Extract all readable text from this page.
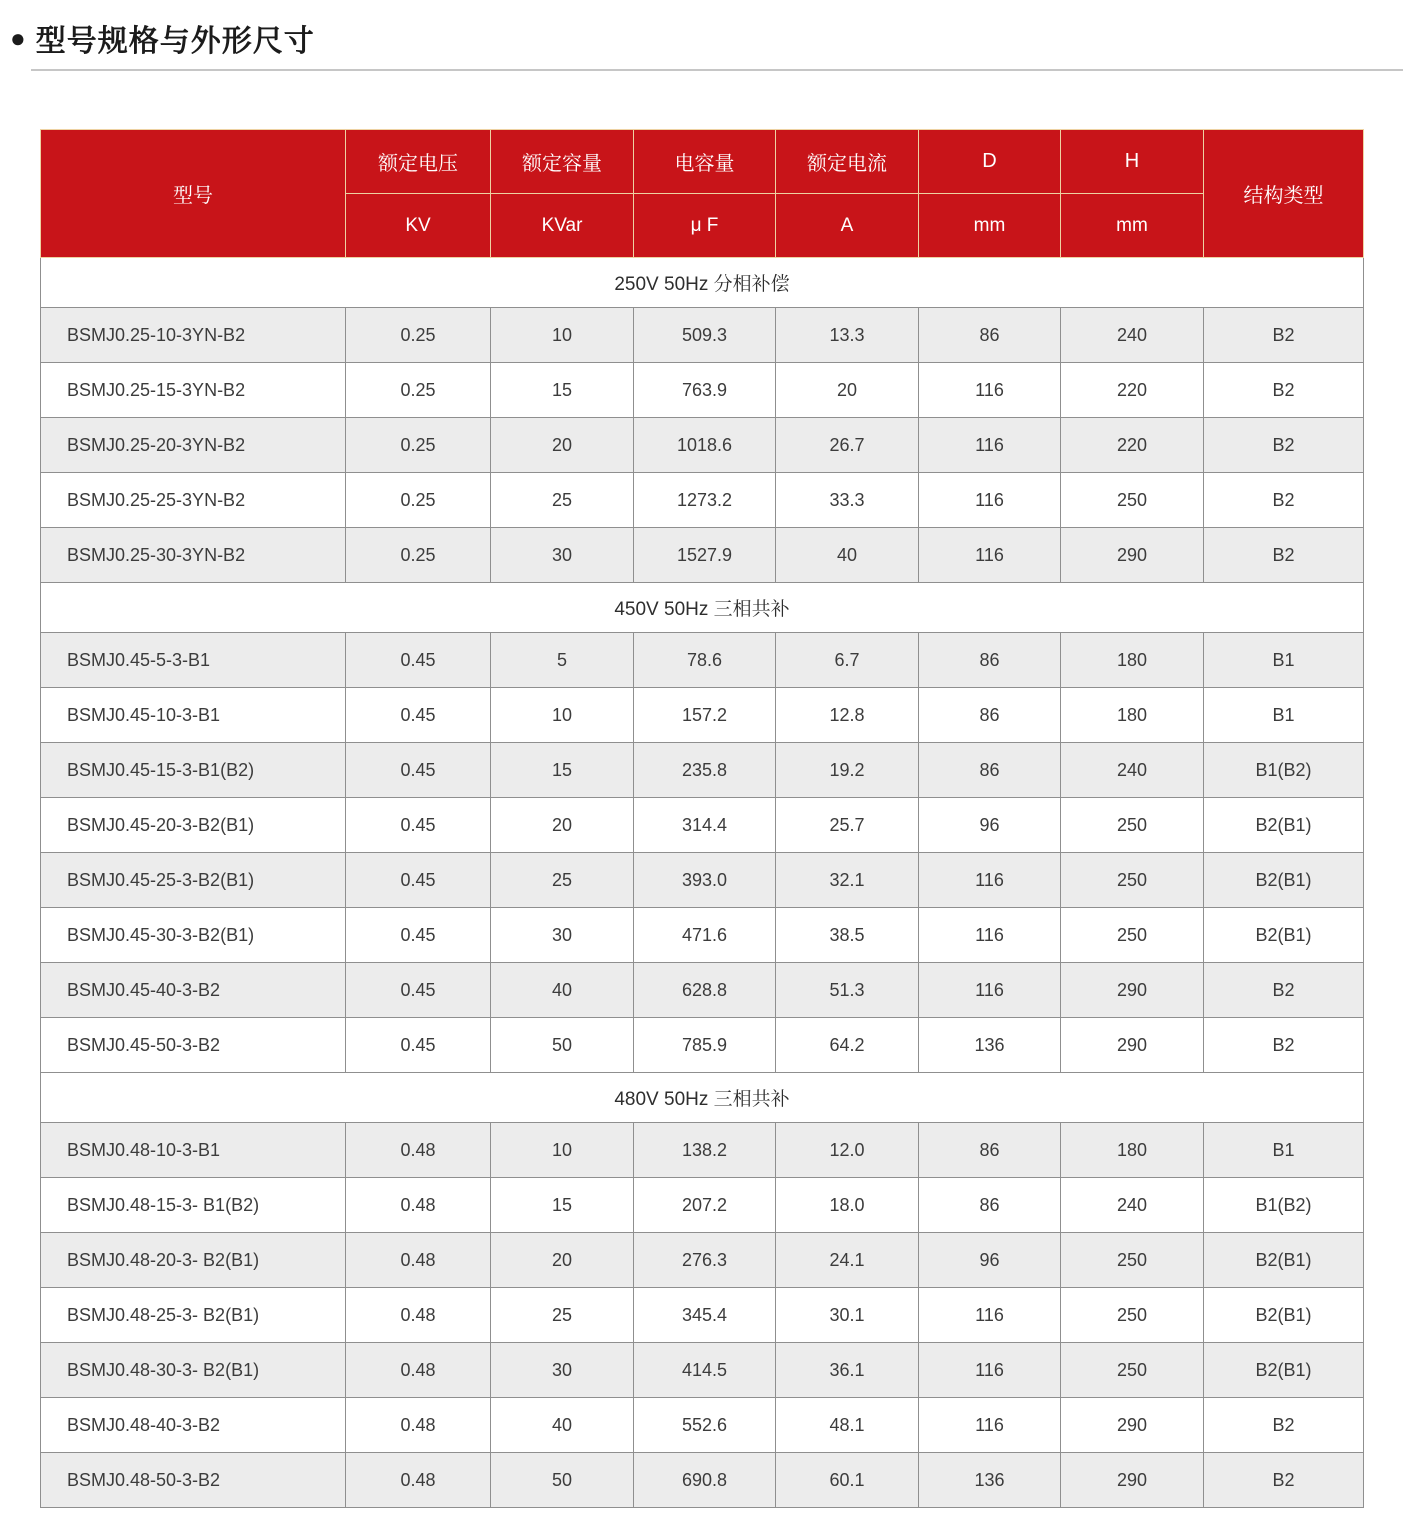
● 型号规格与外形尺寸
型号	额定电压	额定容量	电容量	额定电流	D	H	结构类型
	KV	KVar	μ F	A	mm	mm	
250V 50Hz 分相补偿							
BSMJ0.25-10-3YN-B2	0.25	10	509.3	13.3	86	240	B2
BSMJ0.25-15-3YN-B2	0.25	15	763.9	20	116	220	B2
BSMJ0.25-20-3YN-B2	0.25	20	1018.6	26.7	116	220	B2
BSMJ0.25-25-3YN-B2	0.25	25	1273.2	33.3	116	250	B2
BSMJ0.25-30-3YN-B2	0.25	30	1527.9	40	116	290	B2
450V 50Hz 三相共补							
BSMJ0.45-5-3-B1	0.45	5	78.6	6.7	86	180	B1
BSMJ0.45-10-3-B1	0.45	10	157.2	12.8	86	180	B1
BSMJ0.45-15-3-B1(B2)	0.45	15	235.8	19.2	86	240	B1(B2)
BSMJ0.45-20-3-B2(B1)	0.45	20	314.4	25.7	96	250	B2(B1)
BSMJ0.45-25-3-B2(B1)	0.45	25	393.0	32.1	116	250	B2(B1)
BSMJ0.45-30-3-B2(B1)	0.45	30	471.6	38.5	116	250	B2(B1)
BSMJ0.45-40-3-B2	0.45	40	628.8	51.3	116	290	B2
BSMJ0.45-50-3-B2	0.45	50	785.9	64.2	136	290	B2
480V 50Hz 三相共补							
BSMJ0.48-10-3-B1	0.48	10	138.2	12.0	86	180	B1
BSMJ0.48-15-3- B1(B2)	0.48	15	207.2	18.0	86	240	B1(B2)
BSMJ0.48-20-3- B2(B1)	0.48	20	276.3	24.1	96	250	B2(B1)
BSMJ0.48-25-3- B2(B1)	0.48	25	345.4	30.1	116	250	B2(B1)
BSMJ0.48-30-3- B2(B1)	0.48	30	414.5	36.1	116	250	B2(B1)
BSMJ0.48-40-3-B2	0.48	40	552.6	48.1	116	290	B2
BSMJ0.48-50-3-B2	0.48	50	690.8	60.1	136	290	B2
